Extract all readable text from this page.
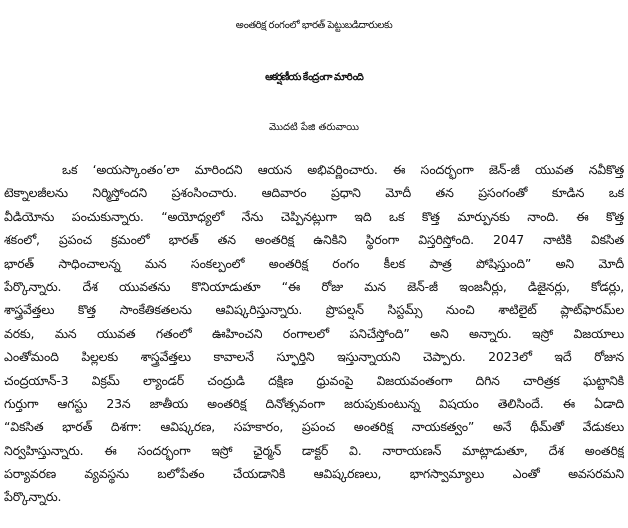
అంతరిక్ష రంగంలో భారత్ పెట్టుబడిదారులకు
ఆకర్షణీయ కేంద్రంగా మారింది
మొదటి పేజి తరువాయి
ఒక ‘అయస్కాంతం’లా మారిందని ఆయన అభివర్ణించారు. ఈ సందర్భంగా జెన్‌-జీ యువత నవీకొత్త
టెక్నాలజీలను నిర్మిస్తోందని ప్రశంసించారు. ఆదివారం ప్రధాని మోదీ తన ప్రసంగంతో కూడిన ఒక
వీడియోను పంచుకున్నారు. “అయోధ్యలో నేను చెప్పినట్లుగా ఇది ఒక కొత్త మార్పునకు నాంది. ఈ కొత్త
శకంలో, ప్రపంచ క్రమంలో భారత్ తన అంతరిక్ష ఉనికిని స్థిరంగా విస్తరిస్తోంది. 2047 నాటికి వికసిత
భారత్ సాధించాలన్న మన సంకల్పంలో అంతరిక్ష రంగం కీలక పాత్ర పోషిస్తుంది” అని మోదీ
పేర్కొన్నారు. దేశ యువతను కొనియాడుతూ “ఈ రోజు మన జెన్‌-జీ ఇంజనీర్లు, డిజైనర్లు, కోడర్లు,
శాస్త్రవేత్తలు కొత్త సాంకేతికతలను ఆవిష్కరిస్తున్నారు. ప్రొపల్షన్ సిస్టమ్స్ నుంచి శాటిలైట్ ప్లాట్‌ఫారమ్‌ల
వరకు, మన యువత గతంలో ఊహించని రంగాలలో పనిచేస్తోంది” అని అన్నారు. ఇస్రో విజయాలు
ఎంతోమంది పిల్లలకు శాస్త్రవేత్తలు కావాలనే స్ఫూర్తిని ఇస్తున్నాయని చెప్పారు. 2023లో ఇదే రోజున
చంద్రయాన్-3 విక్రమ్ ల్యాండర్ చంద్రుడి దక్షిణ ధ్రువంపై విజయవంతంగా దిగిన చారిత్రక ఘట్టానికి
గుర్తుగా ఆగస్టు 23న జాతీయ అంతరిక్ష దినోత్సవంగా జరుపుకుంటున్న విషయం తెలిసిందే. ఈ ఏడాది
“వికసిత భారత్ దిశగా: ఆవిష్కరణ, సహకారం, ప్రపంచ అంతరిక్ష నాయకత్వం” అనే థీమ్‌తో వేడుకలు
నిర్వహిస్తున్నారు. ఈ సందర్భంగా ఇస్రో ఛైర్మన్ డాక్టర్ వి. నారాయణన్ మాట్లాడుతూ, దేశ అంతరిక్ష
పర్యావరణ వ్యవస్థను బలోపేతం చేయడానికి ఆవిష్కరణలు, భాగస్వామ్యాలు ఎంతో అవసరమని
పేర్కొన్నారు.
